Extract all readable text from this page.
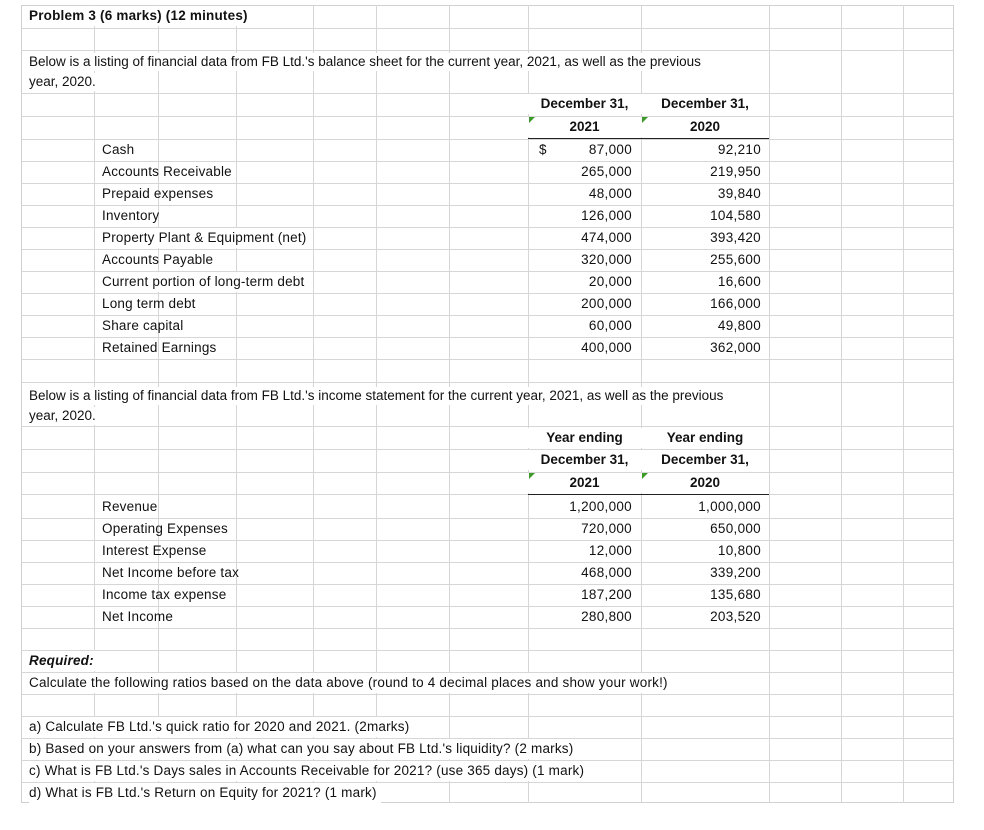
Problem 3 (6 marks) (12 minutes)
Below is a listing of financial data from FB Ltd.'s balance sheet for the current year, 2021, as well as the previous
year, 2020.
December 31,
2021
December 31,
2020
$
Cash	87,000	92,210
Accounts Receivable	265,000	219,950
Prepaid expenses	48,000	39,840
Inventory	126,000	104,580
Property Plant & Equipment (net)	474,000	393,420
Accounts Payable	320,000	255,600
Current portion of long-term debt	20,000	16,600
Long term debt	200,000	166,000
Share capital	60,000	49,800
Retained Earnings	400,000	362,000
Below is a listing of financial data from FB Ltd.'s income statement for the current year, 2021, as well as the previous
year, 2020.
Year ending
December 31,
2021
Year ending
December 31,
2020
Revenue	1,200,000	1,000,000
Operating Expenses	720,000	650,000
Interest Expense	12,000	10,800
Net Income before tax	468,000	339,200
Income tax expense	187,200	135,680
Net Income	280,800	203,520
Required:
Calculate the following ratios based on the data above (round to 4 decimal places and show your work!)
a) Calculate FB Ltd.'s quick ratio for 2020 and 2021. (2marks)
b) Based on your answers from (a) what can you say about FB Ltd.'s liquidity? (2 marks)
c) What is FB Ltd.'s Days sales in Accounts Receivable for 2021? (use 365 days) (1 mark)
d) What is FB Ltd.'s Return on Equity for 2021? (1 mark)
